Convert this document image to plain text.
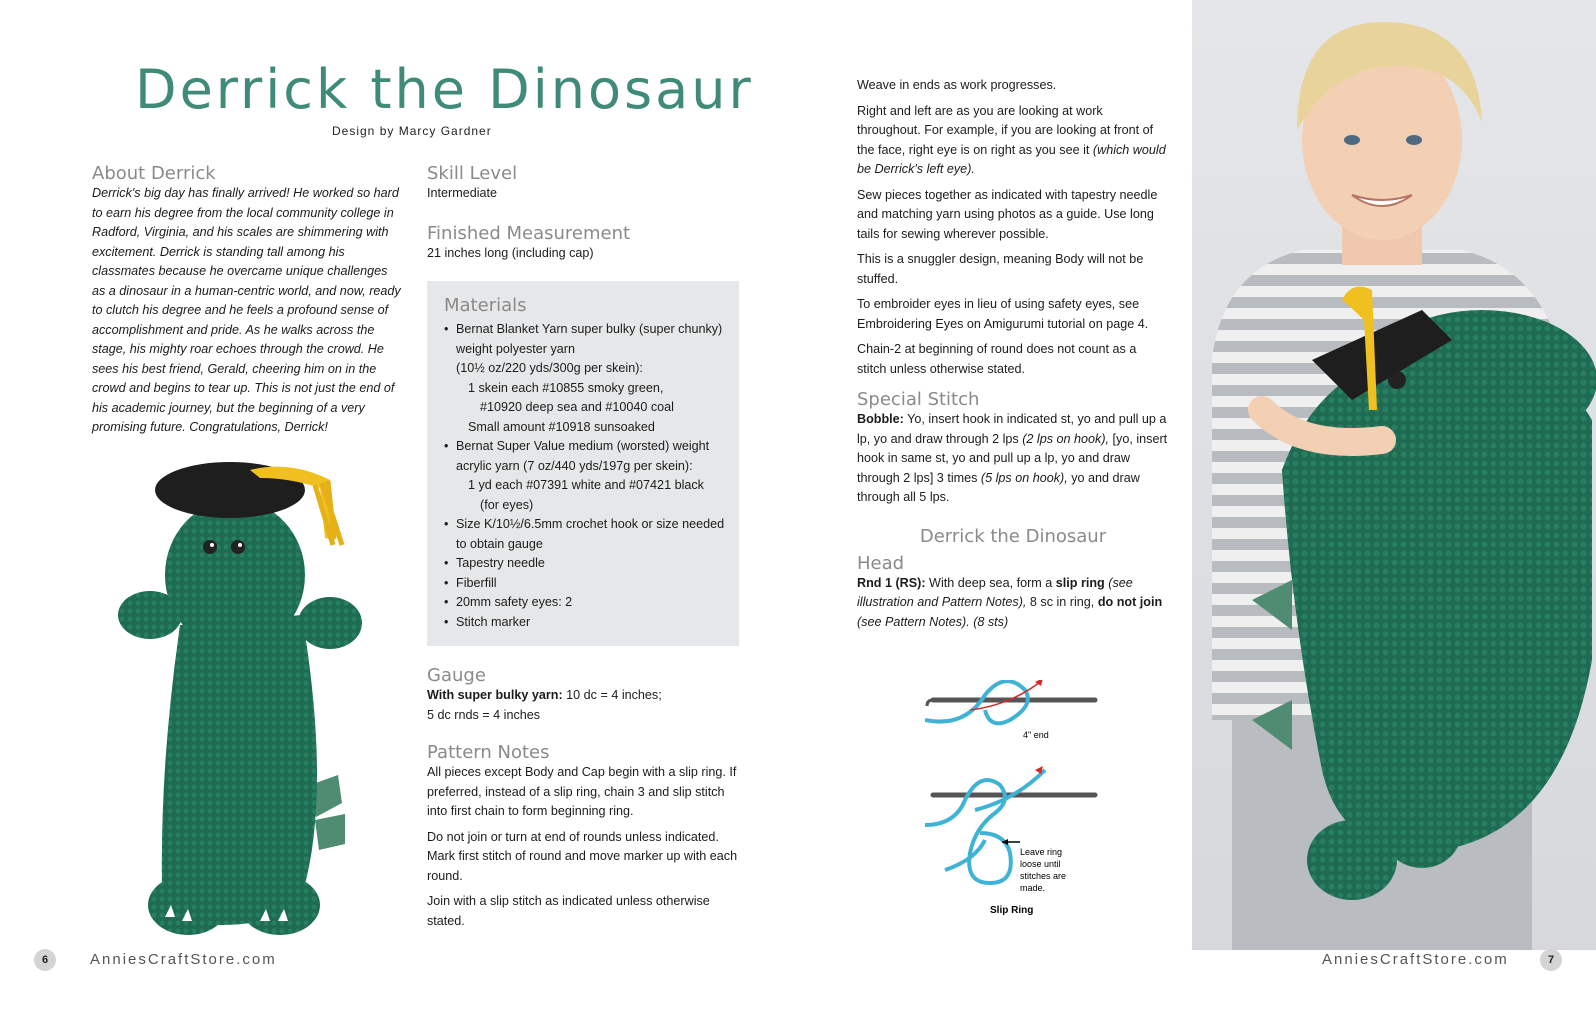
Derrick the Dinosaur
Design by Marcy Gardner
About Derrick

Derrick's big day has finally arrived! He worked so hard to earn his degree from the local community college in Radford, Virginia, and his scales are shimmering with excitement. Derrick is standing tall among his classmates because he overcame unique challenges as a dinosaur in a human-centric world, and now, ready to clutch his degree and he feels a profound sense of accomplishment and pride. As he walks across the stage, his mighty roar echoes through the crowd. He sees his best friend, Gerald, cheering him on in the crowd and begins to tear up. This is not just the end of his academic journey, but the beginning of a very promising future. Congratulations, Derrick!

Skill Level

Intermediate

Finished Measurement

21 inches long (including cap)

Materials
• Bernat Blanket Yarn super bulky (super chunky) weight polyester yarn
(10½ oz/220 yds/300g per skein):
1 skein each #10855 smoky green,
#10920 deep sea and #10040 coal
Small amount #10918 sunsoaked
• Bernat Super Value medium (worsted) weight acrylic yarn (7 oz/440 yds/197g per skein):
1 yd each #07391 white and #07421 black
(for eyes)
• Size K/10½/6.5mm crochet hook or size needed to obtain gauge
• Tapestry needle
• Fiberfill
• 20mm safety eyes: 2
• Stitch marker
Gauge

With super bulky yarn: 10 dc = 4 inches;
5 dc rnds = 4 inches

Pattern Notes

All pieces except Body and Cap begin with a slip ring. If preferred, instead of a slip ring, chain 3 and slip stitch into first chain to form beginning ring.

Do not join or turn at end of rounds unless indicated. Mark first stitch of round and move marker up with each round.

Join with a slip stitch as indicated unless otherwise stated.

Weave in ends as work progresses.

Right and left are as you are looking at work throughout. For example, if you are looking at front of the face, right eye is on right as you see it (which would be Derrick's left eye).

Sew pieces together as indicated with tapestry needle and matching yarn using photos as a guide. Use long tails for sewing wherever possible.

This is a snuggler design, meaning Body will not be stuffed.

To embroider eyes in lieu of using safety eyes, see Embroidering Eyes on Amigurumi tutorial on page 4.

Chain-2 at beginning of round does not count as a stitch unless otherwise stated.

Special Stitch

Bobble: Yo, insert hook in indicated st, yo and pull up a lp, yo and draw through 2 lps (2 lps on hook), [yo, insert hook in same st, yo and pull up a lp, yo and draw through 2 lps] 3 times (5 lps on hook), yo and draw through all 5 lps.

Derrick the Dinosaur
Head

Rnd 1 (RS): With deep sea, form a slip ring (see illustration and Pattern Notes), 8 sc in ring, do not join (see Pattern Notes). (8 sts)

4" end
Leave ring
loose until
stitches are
made.
Slip Ring
6	AnniesCraftStore.com	AnniesCraftStore.com	7
